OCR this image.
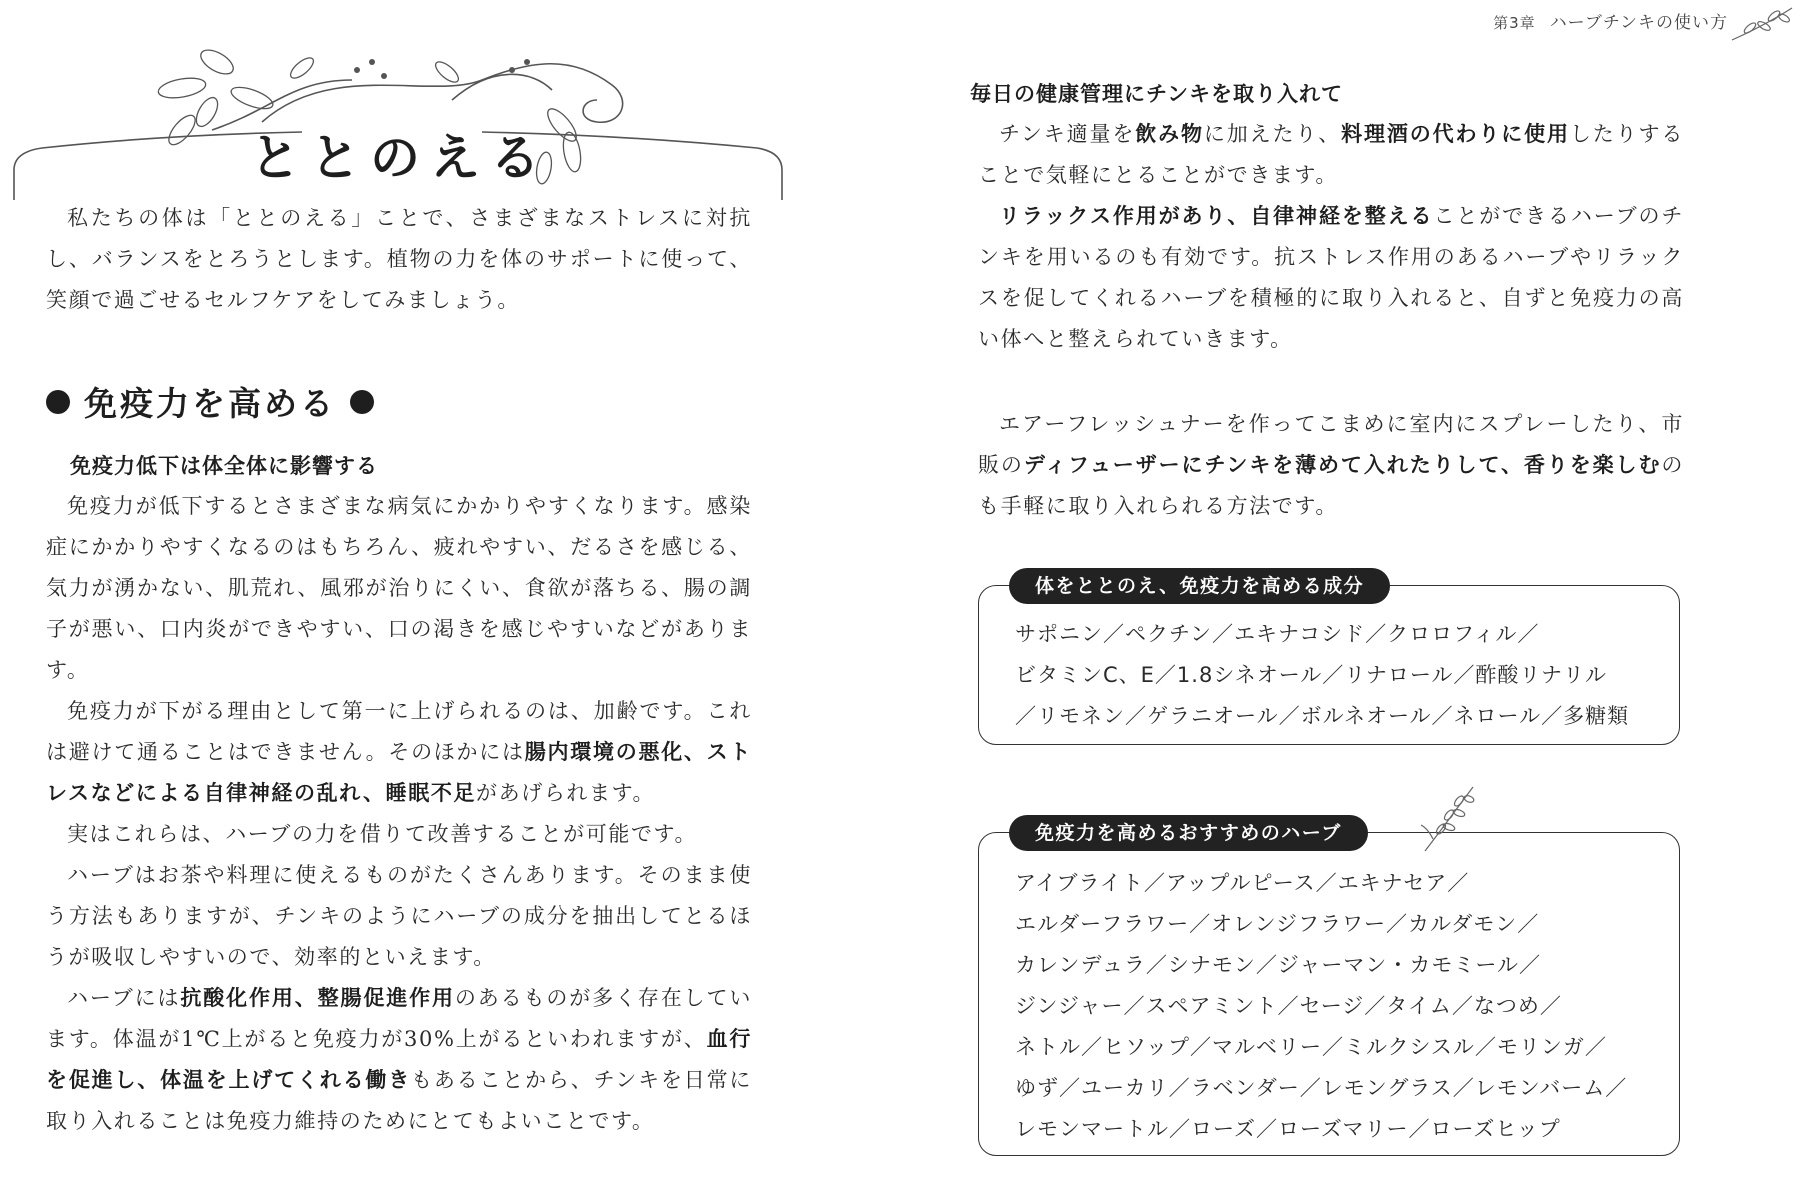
ととのえる

私たちの体は「ととのえる」ことで、さまざまなストレスに対抗し、バランスをとろうとします。植物の力を体のサポートに使って、笑顔で過ごせるセルフケアをしてみましょう。

免疫力を高める
免疫力低下は体全体に影響する

免疫力が低下するとさまざまな病気にかかりやすくなります。感染症にかかりやすくなるのはもちろん、疲れやすい、だるさを感じる、気力が湧かない、肌荒れ、風邪が治りにくい、食欲が落ちる、腸の調子が悪い、口内炎ができやすい、口の渇きを感じやすいなどがあります。

免疫力が下がる理由として第一に上げられるのは、加齢です。これは避けて通ることはできません。そのほかには腸内環境の悪化、ストレスなどによる自律神経の乱れ、睡眠不足があげられます。

実はこれらは、ハーブの力を借りて改善することが可能です。

ハーブはお茶や料理に使えるものがたくさんあります。そのまま使う方法もありますが、チンキのようにハーブの成分を抽出してとるほうが吸収しやすいので、効率的といえます。

ハーブには抗酸化作用、整腸促進作用のあるものが多く存在しています。体温が1℃上がると免疫力が30%上がるといわれますが、血行を促進し、体温を上げてくれる働きもあることから、チンキを日常に取り入れることは免疫力維持のためにとてもよいことです。

第3章 ハーブチンキの使い方
毎日の健康管理にチンキを取り入れて

チンキ適量を飲み物に加えたり、料理酒の代わりに使用したりすることで気軽にとることができます。

リラックス作用があり、自律神経を整えることができるハーブのチンキを用いるのも有効です。抗ストレス作用のあるハーブやリラックスを促してくれるハーブを積極的に取り入れると、自ずと免疫力の高い体へと整えられていきます。

エアーフレッシュナーを作ってこまめに室内にスプレーしたり、市販のディフューザーにチンキを薄めて入れたりして、香りを楽しむのも手軽に取り入れられる方法です。

体をととのえ、免疫力を高める成分
サポニン／ペクチン／エキナコシド／クロロフィル／
ビタミンC、E／1.8シネオール／リナロール／酢酸リナリル
／リモネン／ゲラニオール／ボルネオール／ネロール／多糖類
免疫力を高めるおすすめのハーブ
アイブライト／アップルピース／エキナセア／
エルダーフラワー／オレンジフラワー／カルダモン／
カレンデュラ／シナモン／ジャーマン・カモミール／
ジンジャー／スペアミント／セージ／タイム／なつめ／
ネトル／ヒソップ／マルベリー／ミルクシスル／モリンガ／
ゆず／ユーカリ／ラベンダー／レモングラス／レモンバーム／
レモンマートル／ローズ／ローズマリー／ローズヒップ
